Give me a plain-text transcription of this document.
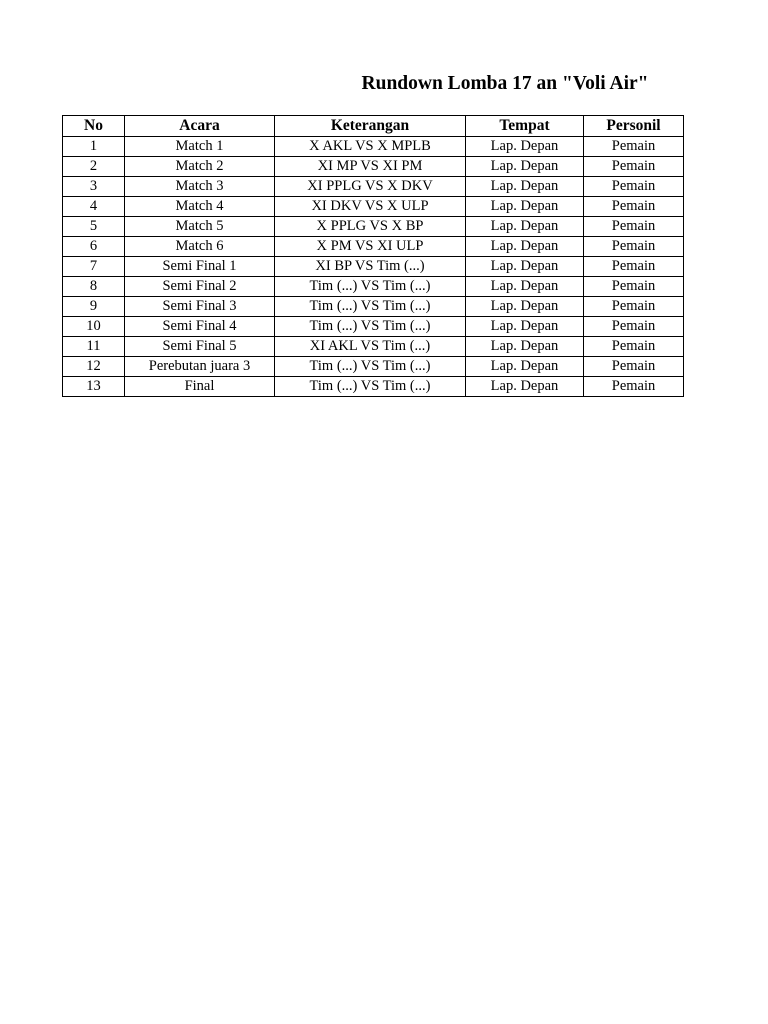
Rundown Lomba 17 an "Voli Air"
No	Acara	Keterangan	Tempat	Personil
1	Match 1	X AKL VS X MPLB	Lap. Depan	Pemain
2	Match 2	XI MP VS XI PM	Lap. Depan	Pemain
3	Match 3	XI PPLG VS X DKV	Lap. Depan	Pemain
4	Match 4	XI DKV VS X ULP	Lap. Depan	Pemain
5	Match 5	X PPLG VS X BP	Lap. Depan	Pemain
6	Match 6	X PM VS XI ULP	Lap. Depan	Pemain
7	Semi Final 1	XI BP VS Tim (...)	Lap. Depan	Pemain
8	Semi Final 2	Tim (...) VS Tim (...)	Lap. Depan	Pemain
9	Semi Final 3	Tim (...) VS Tim (...)	Lap. Depan	Pemain
10	Semi Final 4	Tim (...) VS Tim (...)	Lap. Depan	Pemain
11	Semi Final 5	XI AKL VS Tim (...)	Lap. Depan	Pemain
12	Perebutan juara 3	Tim (...) VS Tim (...)	Lap. Depan	Pemain
13	Final	Tim (...) VS Tim (...)	Lap. Depan	Pemain
